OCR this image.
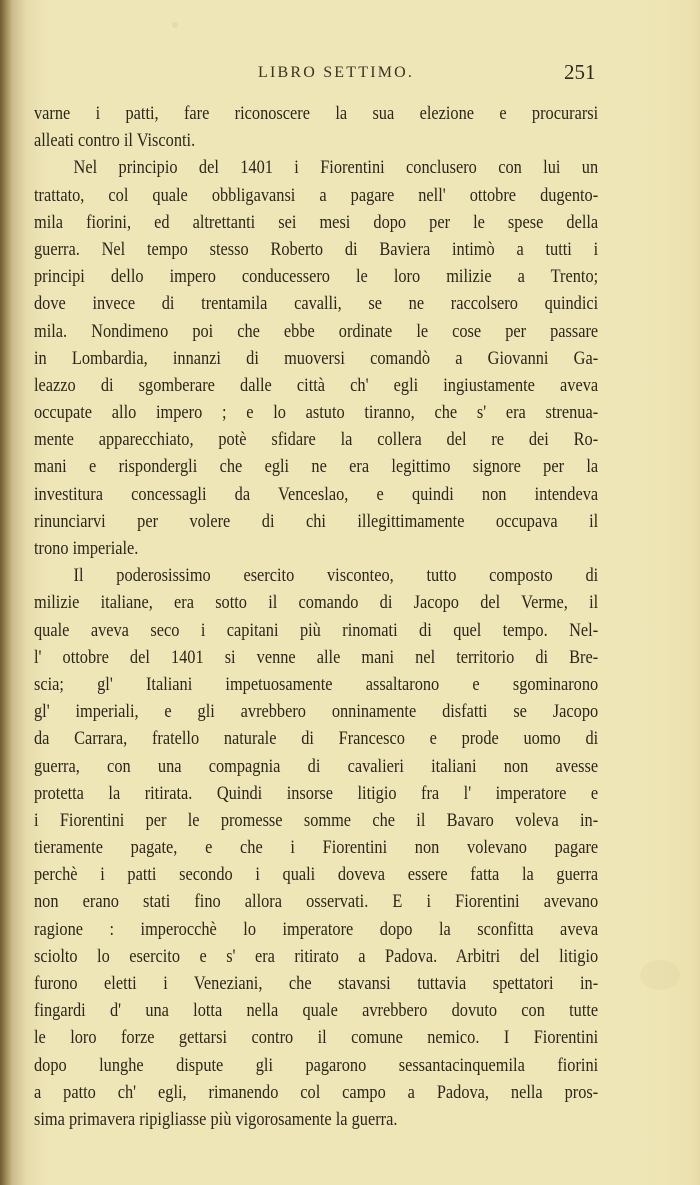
LIBRO SETTIMO.	251
varne i patti, fare riconoscere la sua elezione e procurarsi
alleati contro il Visconti.
Nel principio del 1401 i Fiorentini conclusero con lui un
trattato, col quale obbligavansi a pagare nell' ottobre dugento-
mila fiorini, ed altrettanti sei mesi dopo per le spese della
guerra. Nel tempo stesso Roberto di Baviera intimò a tutti i
principi dello impero conducessero le loro milizie a Trento;
dove invece di trentamila cavalli, se ne raccolsero quindici
mila. Nondimeno poi che ebbe ordinate le cose per passare
in Lombardia, innanzi di muoversi comandò a Giovanni Ga-
leazzo di sgomberare dalle città ch' egli ingiustamente aveva
occupate allo impero ; e lo astuto tiranno, che s' era strenua-
mente apparecchiato, potè sfidare la collera del re dei Ro-
mani e rispondergli che egli ne era legittimo signore per la
investitura concessagli da Venceslao, e quindi non intendeva
rinunciarvi per volere di chi illegittimamente occupava il
trono imperiale.
Il poderosissimo esercito visconteo, tutto composto di
milizie italiane, era sotto il comando di Jacopo del Verme, il
quale aveva seco i capitani più rinomati di quel tempo. Nel-
l' ottobre del 1401 si venne alle mani nel territorio di Bre-
scia; gl' Italiani impetuosamente assaltarono e sgominarono
gl' imperiali, e gli avrebbero onninamente disfatti se Jacopo
da Carrara, fratello naturale di Francesco e prode uomo di
guerra, con una compagnia di cavalieri italiani non avesse
protetta la ritirata. Quindi insorse litigio fra l' imperatore e
i Fiorentini per le promesse somme che il Bavaro voleva in-
tieramente pagate, e che i Fiorentini non volevano pagare
perchè i patti secondo i quali doveva essere fatta la guerra
non erano stati fino allora osservati. E i Fiorentini avevano
ragione : imperocchè lo imperatore dopo la sconfitta aveva
sciolto lo esercito e s' era ritirato a Padova. Arbitri del litigio
furono eletti i Veneziani, che stavansi tuttavia spettatori in-
fingardi d' una lotta nella quale avrebbero dovuto con tutte
le loro forze gettarsi contro il comune nemico. I Fiorentini
dopo lunghe dispute gli pagarono sessantacinquemila fiorini
a patto ch' egli, rimanendo col campo a Padova, nella pros-
sima primavera ripigliasse più vigorosamente la guerra.
